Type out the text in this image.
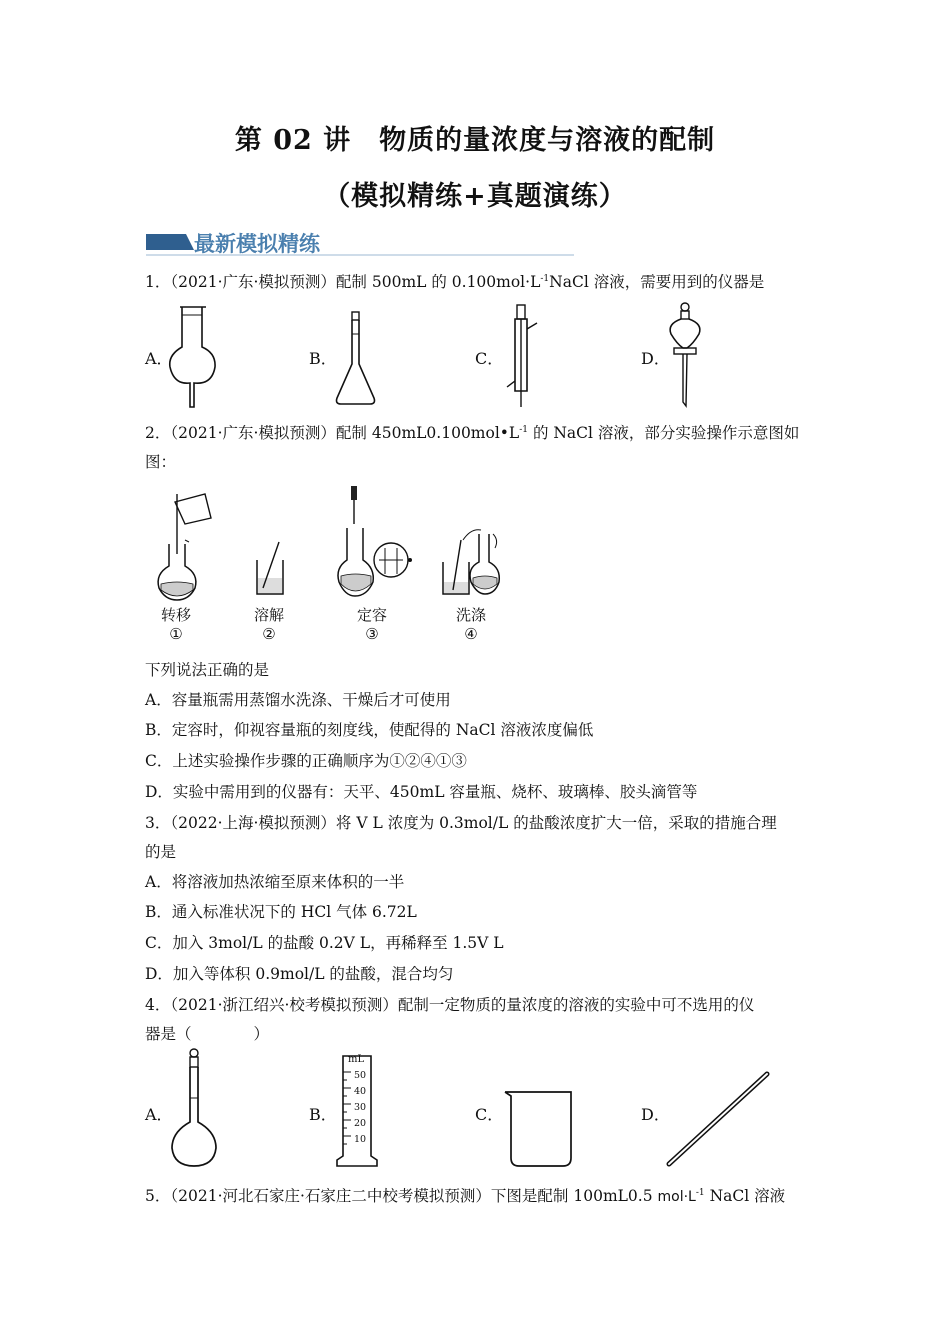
第 02 讲　物质的量浓度与溶液的配制
（模拟精练+真题演练）
最新模拟精练
1．（2021·广东·模拟预测）配制 500mL 的 $0.100mol\cdot L^{-1}NaCl$ 溶液，需要用到的仪器是
A．	B．	C．	D．
2．（2021·广东·模拟预测）配制 $450mL0.100mol•L^{-1}$ 的 NaCl 溶液，部分实验操作示意图如
图：
转移
①
溶解
②
定容
③
洗涤
④
下列说法正确的是
A．容量瓶需用蒸馏水洗涤、干燥后才可使用
B．定容时，仰视容量瓶的刻度线，使配得的 NaCl 溶液浓度偏低
C．上述实验操作步骤的正确顺序为①②④①③
D．实验中需用到的仪器有：天平、450mL 容量瓶、烧杯、玻璃棒、胶头滴管等
3．（2022·上海·模拟预测）将 V L 浓度为 0.3mol/L 的盐酸浓度扩大一倍，采取的措施合理
的是
A．将溶液加热浓缩至原来体积的一半
B．通入标准状况下的 HCl 气体 6.72L
C．加入 3mol/L 的盐酸 0.2V L，再稀释至 1.5V L
D．加入等体积 0.9mol/L 的盐酸，混合均匀
4．（2021·浙江绍兴·校考模拟预测）配制一定物质的量浓度的溶液的实验中可不选用的仪
器是（　　　　）
A．	B．	C．	D．
mL
50
40
30
20
10
5．（2021·河北石家庄·石家庄二中校考模拟预测）下图是配制 100mL0.5 $mol\cdot L^{-1}$ NaCl 溶液
